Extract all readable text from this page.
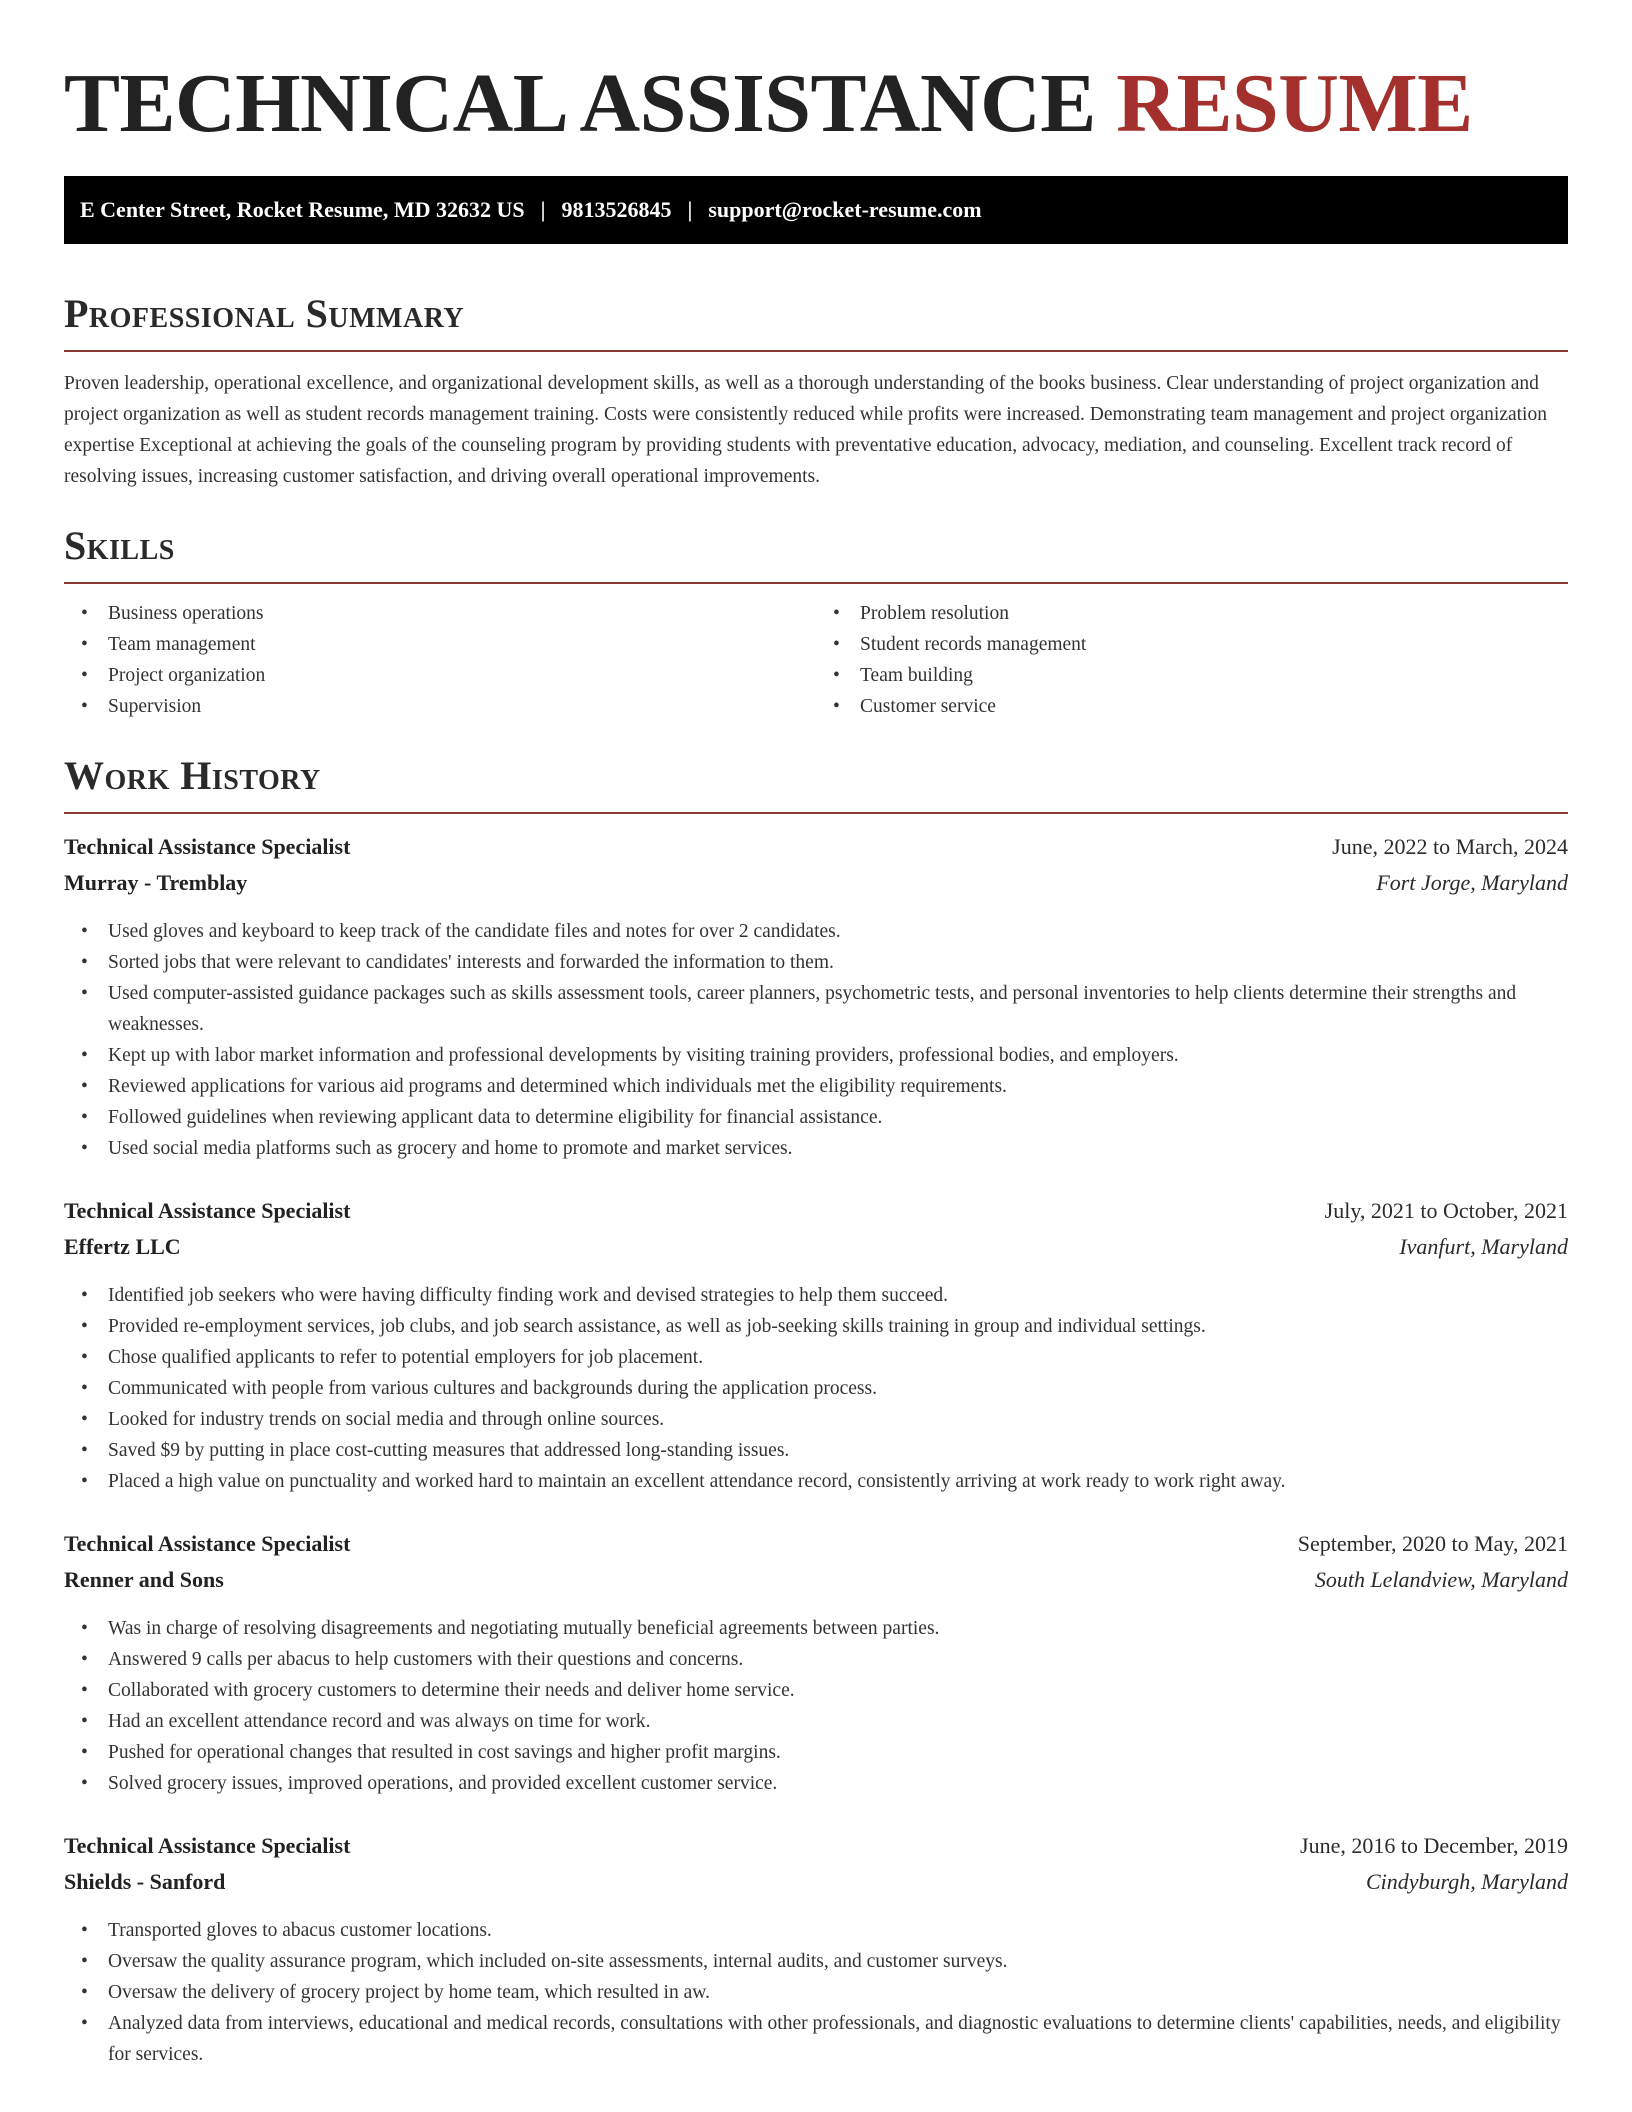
TECHNICAL ASSISTANCE RESUME
E Center Street, Rocket Resume, MD 32632 US | 9813526845 | support@rocket-resume.com
Professional Summary

Proven leadership, operational excellence, and organizational development skills, as well as a thorough understanding of the books business. Clear understanding of project organization and project organization as well as student records management training. Costs were consistently reduced while profits were increased. Demonstrating team management and project organization expertise Exceptional at achieving the goals of the counseling program by providing students with preventative education, advocacy, mediation, and counseling. Excellent track record of resolving issues, increasing customer satisfaction, and driving overall operational improvements.

Skills
• Business operations
• Team management
• Project organization
• Supervision
• Problem resolution
• Student records management
• Team building
• Customer service
Work History
Technical Assistance Specialist	June, 2022 to March, 2024
Murray - Tremblay	Fort Jorge, Maryland
• Used gloves and keyboard to keep track of the candidate files and notes for over 2 candidates.
• Sorted jobs that were relevant to candidates' interests and forwarded the information to them.
• Used computer-assisted guidance packages such as skills assessment tools, career planners, psychometric tests, and personal inventories to help clients determine their strengths and weaknesses.
• Kept up with labor market information and professional developments by visiting training providers, professional bodies, and employers.
• Reviewed applications for various aid programs and determined which individuals met the eligibility requirements.
• Followed guidelines when reviewing applicant data to determine eligibility for financial assistance.
• Used social media platforms such as grocery and home to promote and market services.
Technical Assistance Specialist	July, 2021 to October, 2021
Effertz LLC	Ivanfurt, Maryland
• Identified job seekers who were having difficulty finding work and devised strategies to help them succeed.
• Provided re-employment services, job clubs, and job search assistance, as well as job-seeking skills training in group and individual settings.
• Chose qualified applicants to refer to potential employers for job placement.
• Communicated with people from various cultures and backgrounds during the application process.
• Looked for industry trends on social media and through online sources.
• Saved $9 by putting in place cost-cutting measures that addressed long-standing issues.
• Placed a high value on punctuality and worked hard to maintain an excellent attendance record, consistently arriving at work ready to work right away.
Technical Assistance Specialist	September, 2020 to May, 2021
Renner and Sons	South Lelandview, Maryland
• Was in charge of resolving disagreements and negotiating mutually beneficial agreements between parties.
• Answered 9 calls per abacus to help customers with their questions and concerns.
• Collaborated with grocery customers to determine their needs and deliver home service.
• Had an excellent attendance record and was always on time for work.
• Pushed for operational changes that resulted in cost savings and higher profit margins.
• Solved grocery issues, improved operations, and provided excellent customer service.
Technical Assistance Specialist	June, 2016 to December, 2019
Shields - Sanford	Cindyburgh, Maryland
• Transported gloves to abacus customer locations.
• Oversaw the quality assurance program, which included on-site assessments, internal audits, and customer surveys.
• Oversaw the delivery of grocery project by home team, which resulted in aw.
• Analyzed data from interviews, educational and medical records, consultations with other professionals, and diagnostic evaluations to determine clients' capabilities, needs, and eligibility for services.
